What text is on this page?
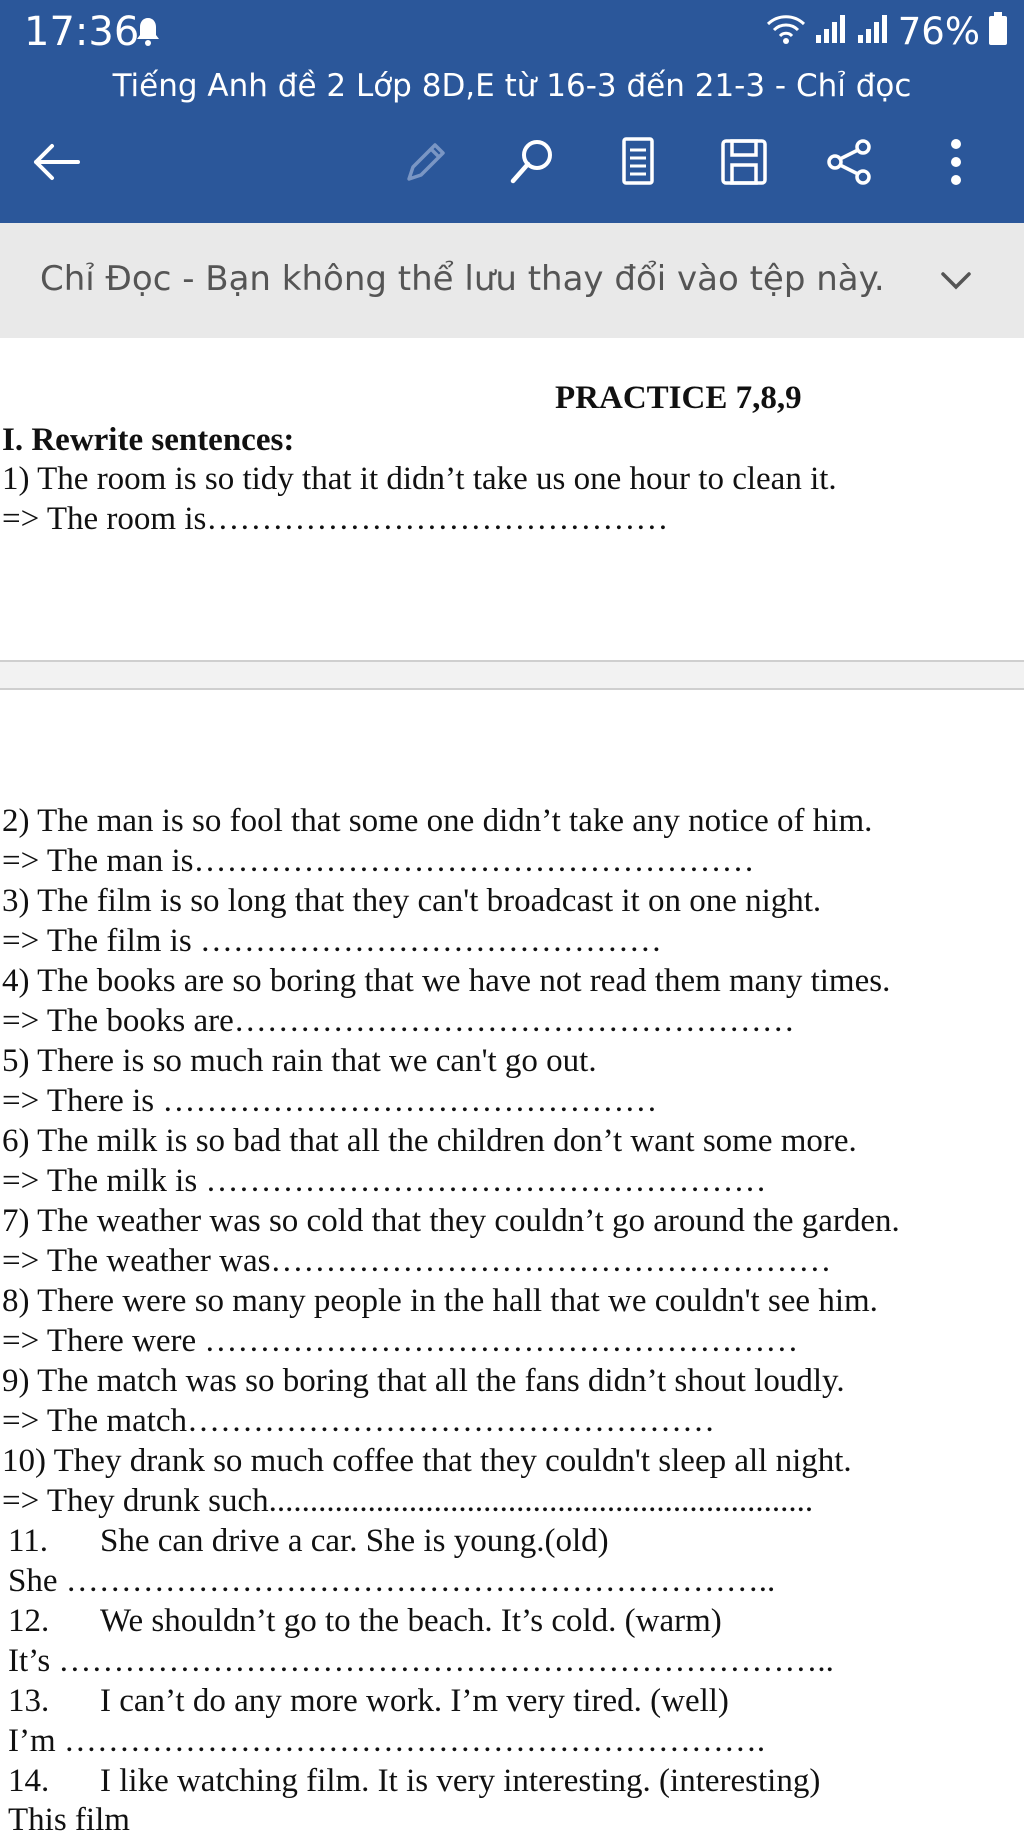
17:36	76%
Tiếng Anh đề 2 Lớp 8D,E từ 16-3 đến 21-3 - Chỉ đọc
Chỉ Đọc - Bạn không thể lưu thay đổi vào tệp này.
PRACTICE 7,8,9
I. Rewrite sentences:
1) The room is so tidy that it didn’t take us one hour to clean it.
=> The room is……………………………………
2) The man is so fool that some one didn’t take any notice of him.
=> The man is……………………………………………
3) The film is so long that they can't broadcast it on one night.
=> The film is ……………………………………
4) The books are so boring that we have not read them many times.
=> The books are……………………………………………
5) There is so much rain that we can't go out.
=> There is ………………………………………
6) The milk is so bad that all the children don’t want some more.
=> The milk is ……………………………………………
7) The weather was so cold that they couldn’t go around the garden.
=> The weather was……………………………………………
8) There were so many people in the hall that we couldn't see him.
=> There were ………………………………………………
9) The match was so boring that all the fans didn’t shout loudly.
=> The match…………………………………………
10) They drank so much coffee that they couldn't sleep all night.
=> They drunk such..................................................................
11. She can drive a car. She is young.(old)
She ………………………………………………………..
12. We shouldn’t go to the beach. It’s cold. (warm)
It’s ……………………………………………………………..
13. I can’t do any more work. I’m very tired. (well)
I’m ……………………………………………………….
14. I like watching film. It is very interesting. (interesting)
This film
